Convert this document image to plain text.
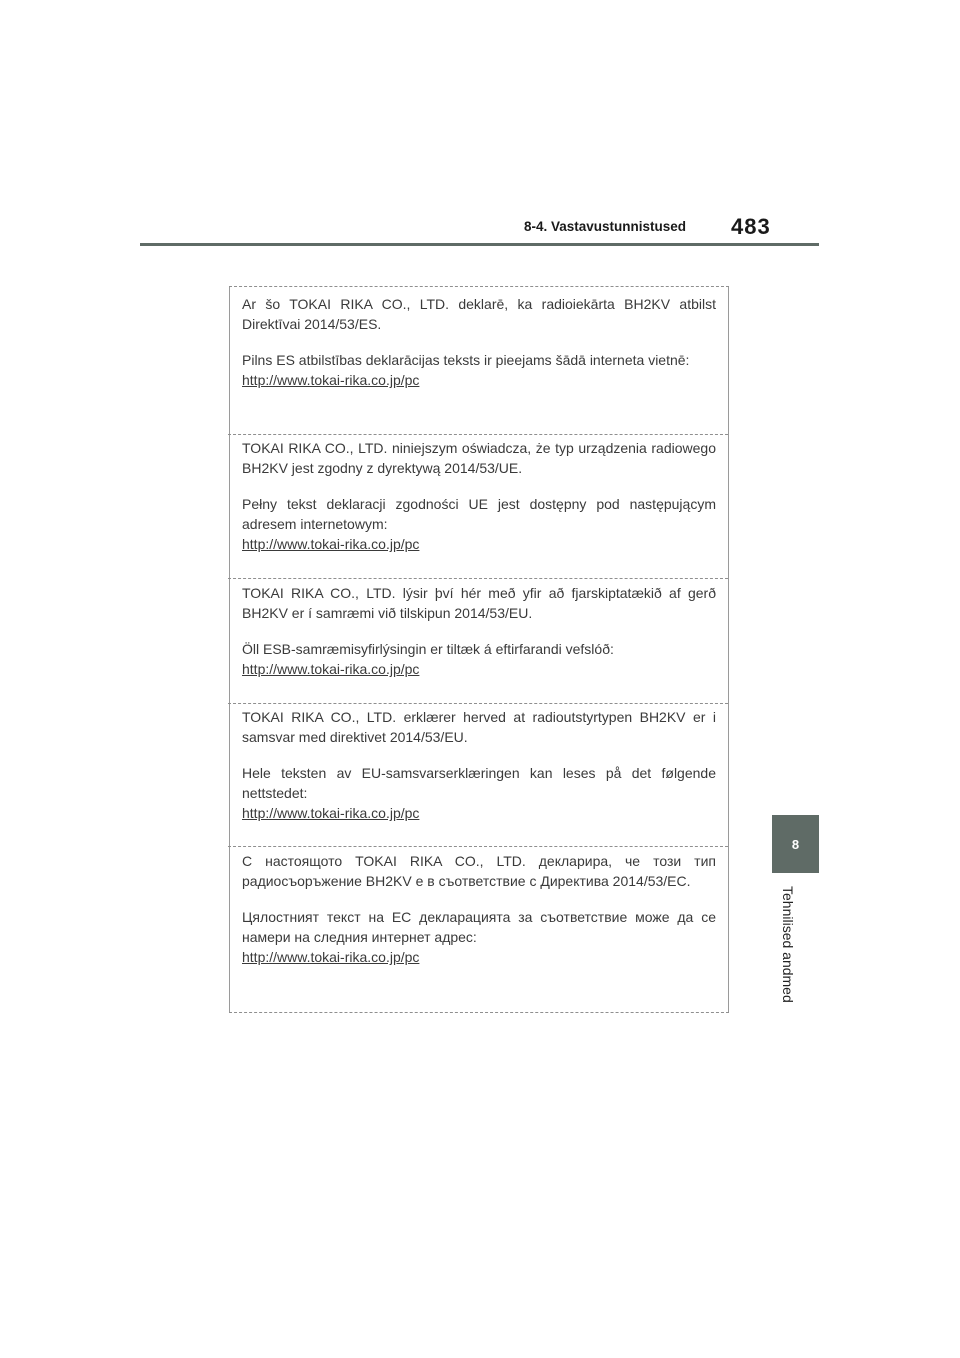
8-4. Vastavustunnistused 483
8
Tehnilised andmed

Ar šo TOKAI RIKA CO., LTD. deklarē, ka radioiekārta BH2KV atbilst Direktīvai 2014/53/ES.

Pilns ES atbilstības deklarācijas teksts ir pieejams šādā interneta vietnē:

http://www.tokai-rika.co.jp/pc

TOKAI RIKA CO., LTD. niniejszym oświadcza, że typ urządzenia radiowego BH2KV jest zgodny z dyrektywą 2014/53/UE.

Pełny tekst deklaracji zgodności UE jest dostępny pod następującym adresem internetowym:

http://www.tokai-rika.co.jp/pc

TOKAI RIKA CO., LTD. lýsir því hér með yfir að fjarskiptatækið af gerð BH2KV er í samræmi við tilskipun 2014/53/EU.

Öll ESB-samræmisyfirlýsingin er tiltæk á eftirfarandi vefslóð:

http://www.tokai-rika.co.jp/pc

TOKAI RIKA CO., LTD. erklærer herved at radioutstyrtypen BH2KV er i samsvar med direktivet 2014/53/EU.

Hele teksten av EU-samsvarserklæringen kan leses på det følgende nettstedet:

http://www.tokai-rika.co.jp/pc

С настоящото TOKAI RIKA CO., LTD. декларира, че този тип радиосъоръжение BH2KV е в съответствие с Директива 2014/53/EC.

Цялостният текст на ЕС декларацията за съответствие може да се намери на следния интернет адрес:

http://www.tokai-rika.co.jp/pc
